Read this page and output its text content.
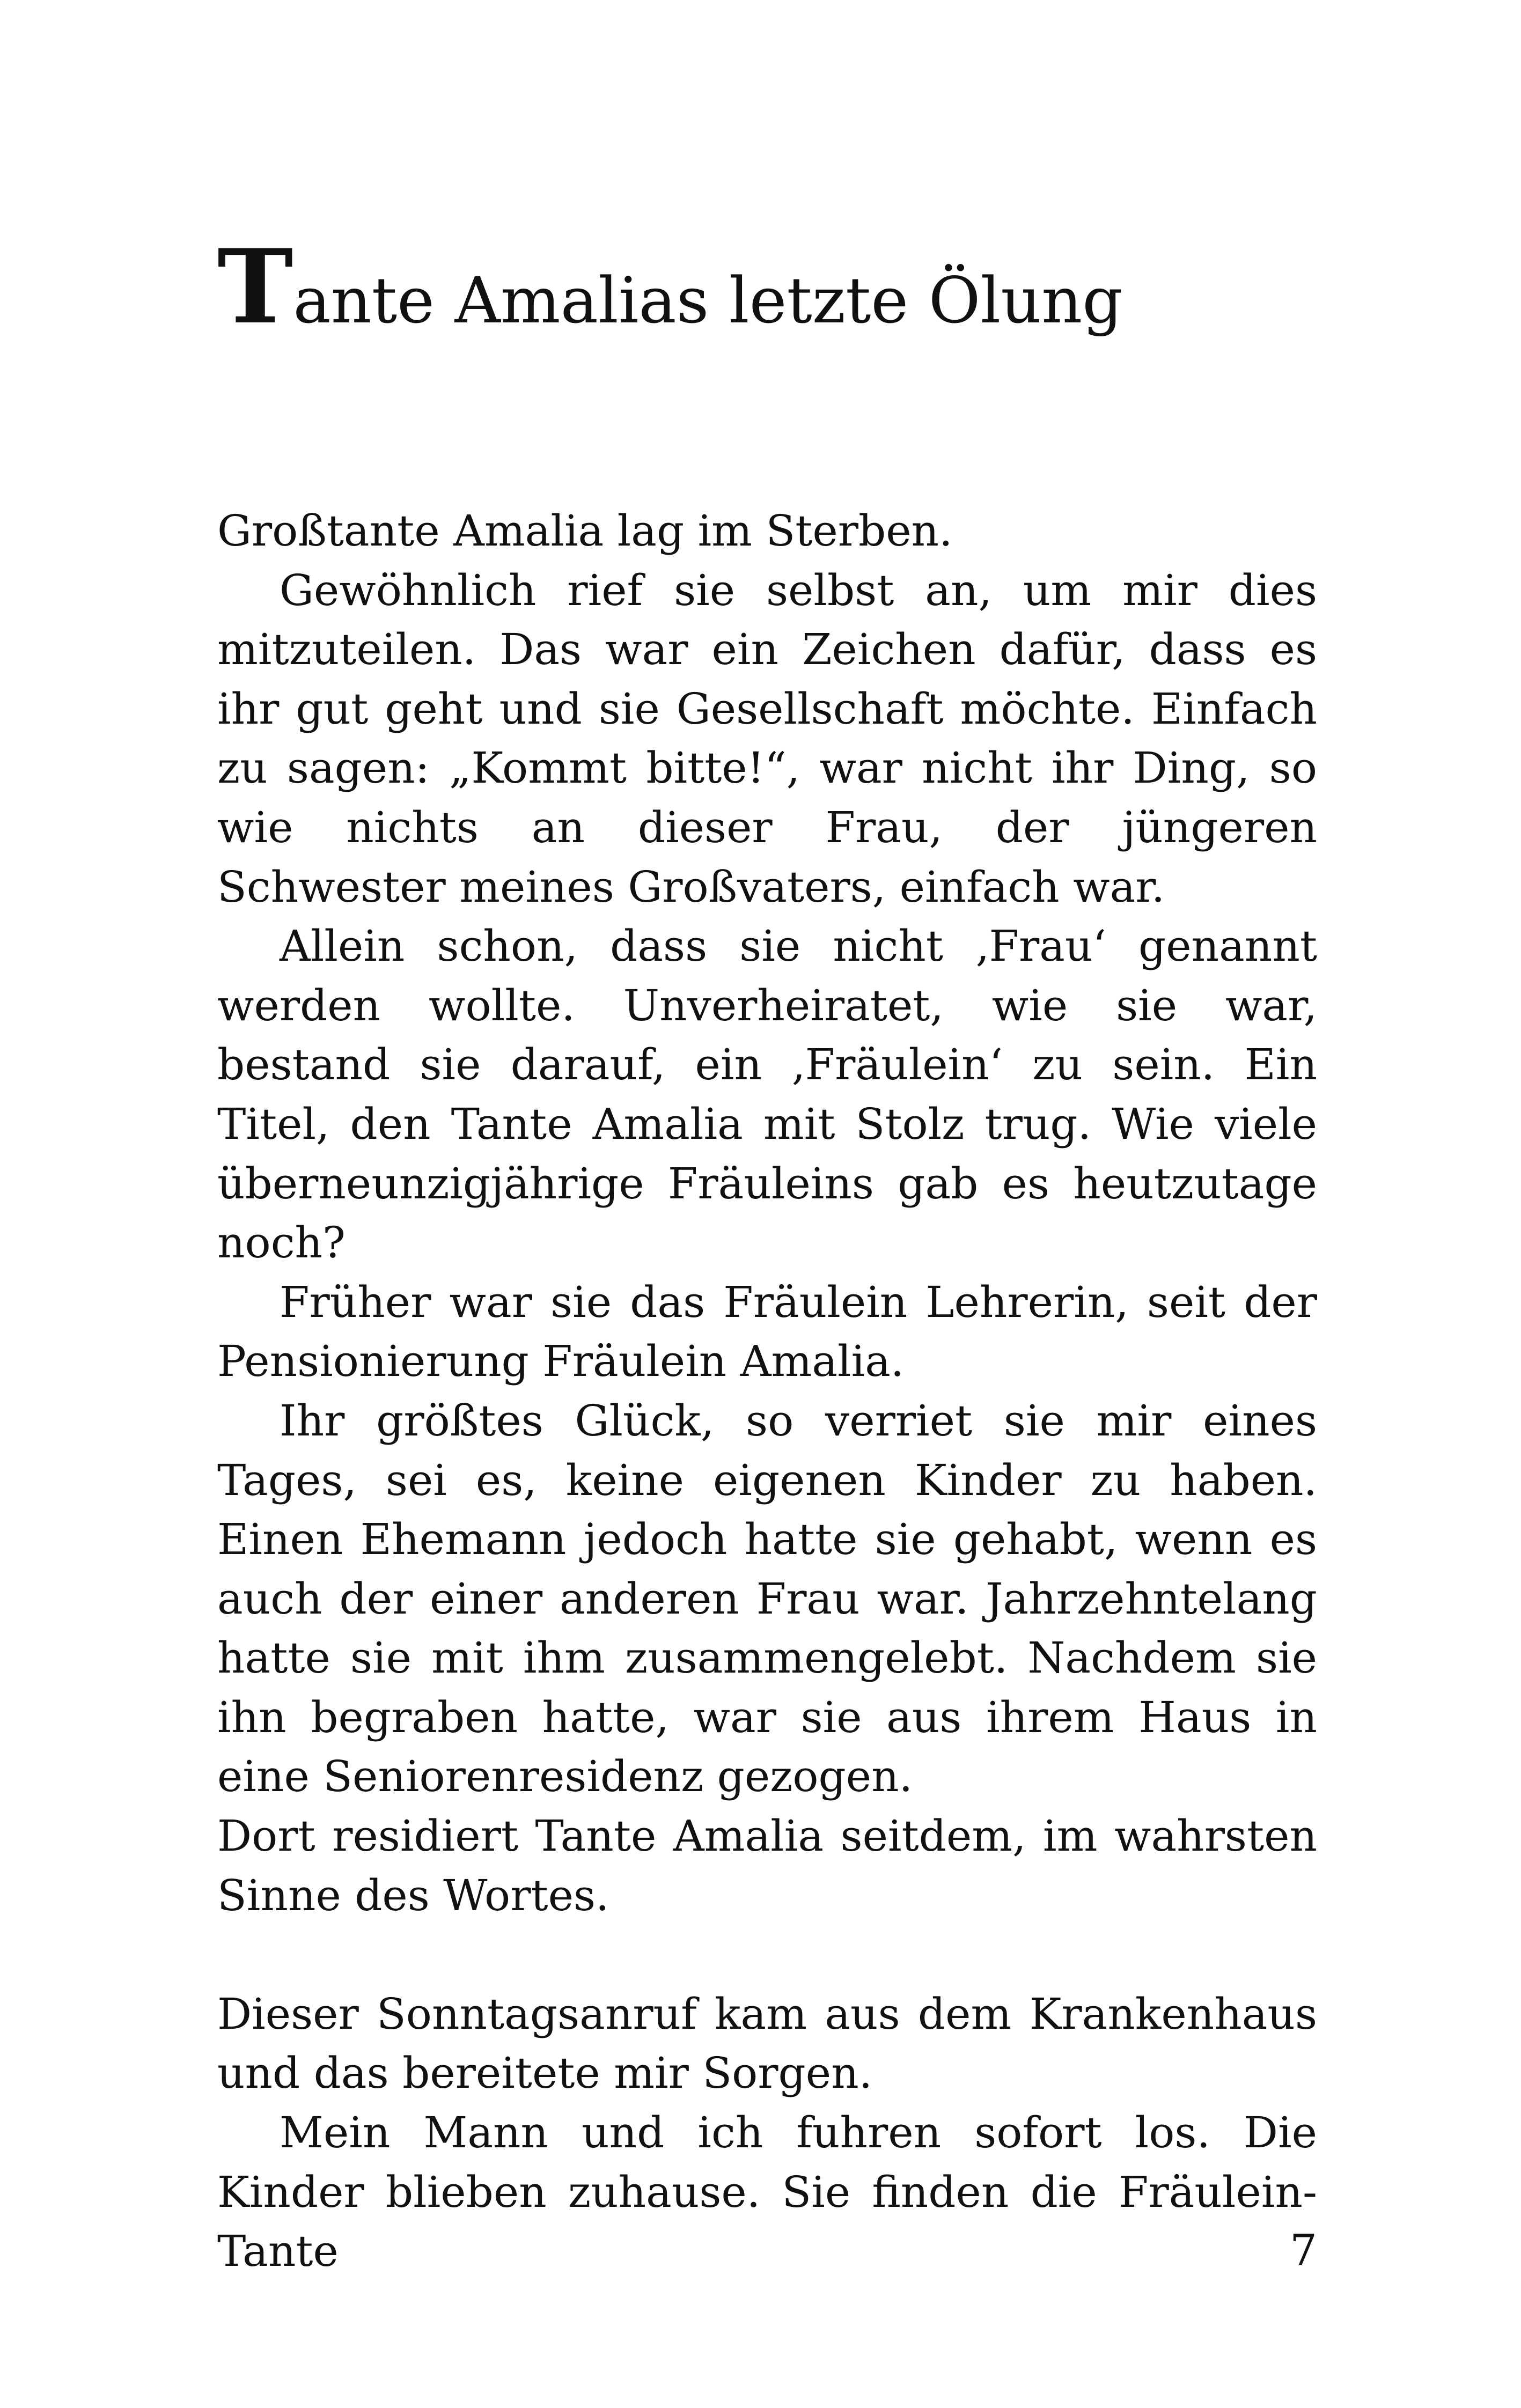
Tante Amalias letzte Ölung

Großtante Amalia lag im Sterben.

Gewöhnlich rief sie selbst an, um mir dies mitzuteilen. Das war ein Zeichen dafür, dass es ihr gut geht und sie Gesellschaft möchte. Einfach zu sagen: „Kommt bitte!“, war nicht ihr Ding, so wie nichts an dieser Frau, der jüngeren Schwester meines Großvaters, einfach war.

Allein schon, dass sie nicht ‚Frau‘ genannt werden wollte. Unverheiratet, wie sie war, bestand sie darauf, ein ‚Fräulein‘ zu sein. Ein Titel, den Tante Amalia mit Stolz trug. Wie viele überneunzigjährige Fräuleins gab es heutzutage noch?

Früher war sie das Fräulein Lehrerin, seit der Pensionierung Fräulein Amalia.

Ihr größtes Glück, so verriet sie mir eines Tages, sei es, keine eigenen Kinder zu haben. Einen Ehemann jedoch hatte sie gehabt, wenn es auch der einer anderen Frau war. Jahrzehntelang hatte sie mit ihm zusammengelebt. Nachdem sie ihn begraben hatte, war sie aus ihrem Haus in eine Seniorenresidenz gezogen.

Dort residiert Tante Amalia seitdem, im wahrsten Sinne des Wortes.

Dieser Sonntagsanruf kam aus dem Krankenhaus und das bereitete mir Sorgen.

Mein Mann und ich fuhren sofort los. Die Kinder blieben zuhause. Sie finden die Fräulein-Tante	7
